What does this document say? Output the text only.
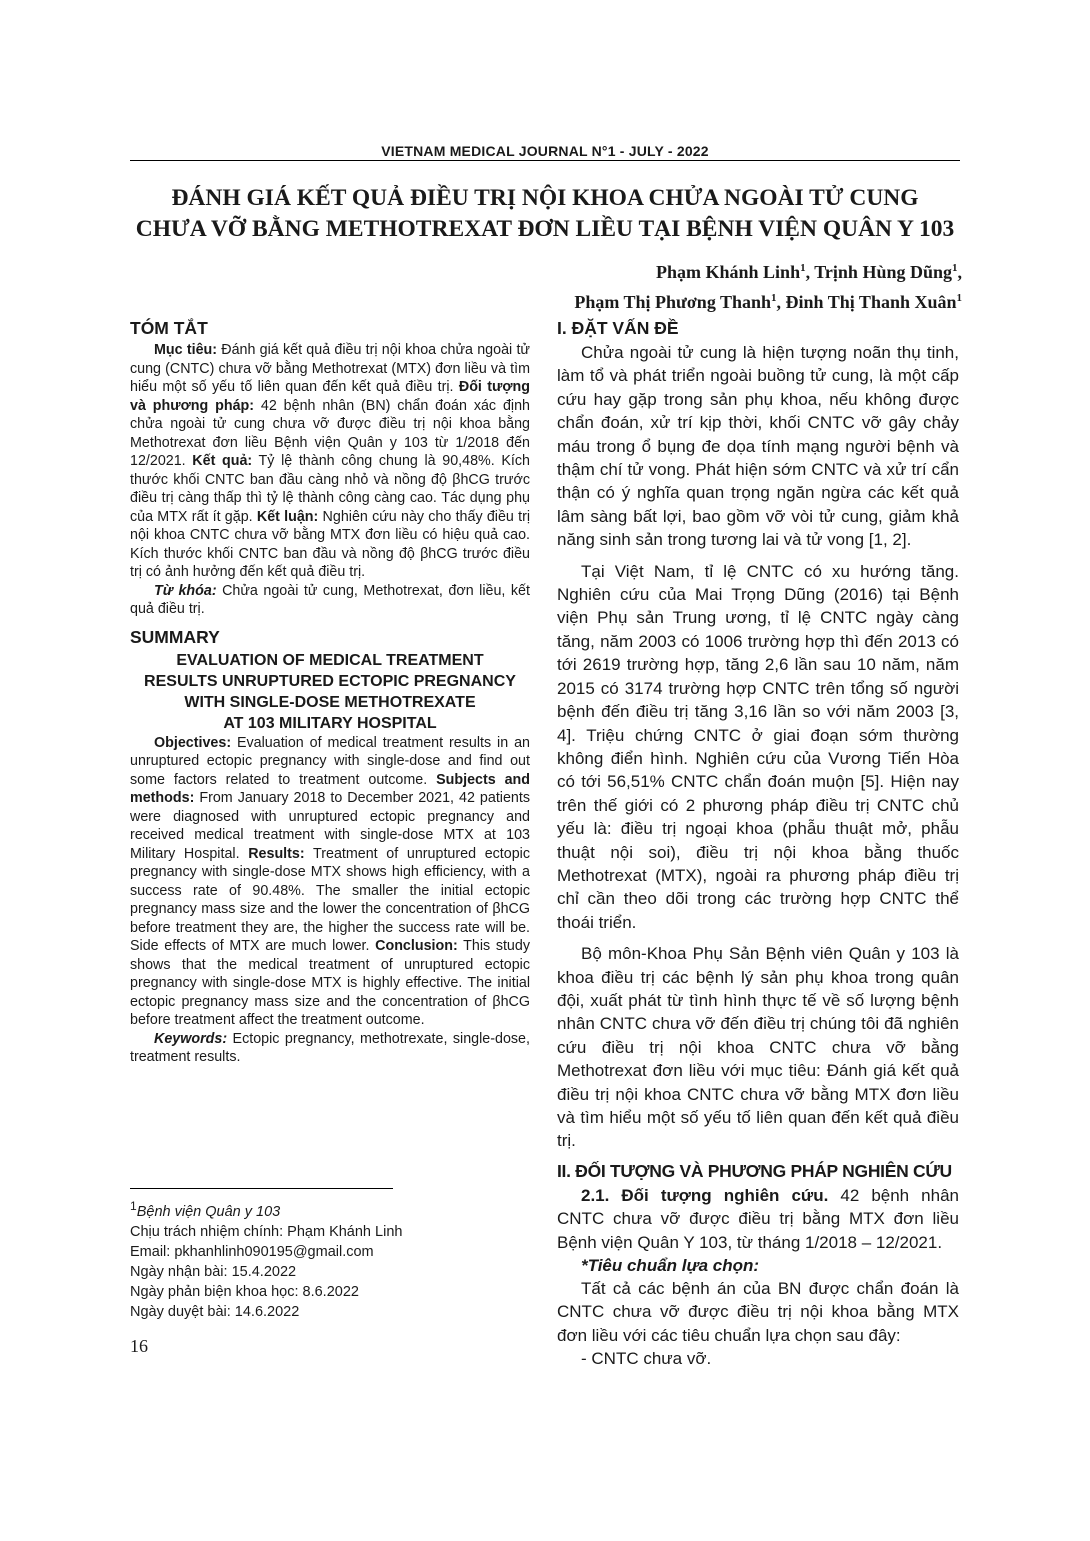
VIETNAM MEDICAL JOURNAL N°1 - JULY - 2022
ĐÁNH GIÁ KẾT QUẢ ĐIỀU TRỊ NỘI KHOA CHỬA NGOÀI TỬ CUNG
CHƯA VỠ BẰNG METHOTREXAT ĐƠN LIỀU TẠI BỆNH VIỆN QUÂN Y 103
Phạm Khánh Linh$^1$, Trịnh Hùng Dũng$^1$,
Phạm Thị Phương Thanh$^1$, Đinh Thị Thanh Xuân$^1$
TÓM TẮT

Mục tiêu: Đánh giá kết quả điều trị nội khoa chửa ngoài tử cung (CNTC) chưa vỡ bằng Methotrexat (MTX) đơn liều và tìm hiểu một số yếu tố liên quan đến kết quả điều trị. Đối tượng và phương pháp: 42 bệnh nhân (BN) chẩn đoán xác định chửa ngoài tử cung chưa vỡ được điều trị nội khoa bằng Methotrexat đơn liều Bệnh viện Quân y 103 từ 1/2018 đến 12/2021. Kết quả: Tỷ lệ thành công chung là 90,48%. Kích thước khối CNTC ban đầu càng nhỏ và nồng độ βhCG trước điều trị càng thấp thì tỷ lệ thành công càng cao. Tác dụng phụ của MTX rất ít gặp. Kết luận: Nghiên cứu này cho thấy điều trị nội khoa CNTC chưa vỡ bằng MTX đơn liều có hiệu quả cao. Kích thước khối CNTC ban đầu và nồng độ βhCG trước điều trị có ảnh hưởng đến kết quả điều trị.

Từ khóa: Chửa ngoài tử cung, Methotrexat, đơn liều, kết quả điều trị.

SUMMARY
EVALUATION OF MEDICAL TREATMENT
RESULTS UNRUPTURED ECTOPIC PREGNANCY
WITH SINGLE-DOSE METHOTREXATE
AT 103 MILITARY HOSPITAL

Objectives: Evaluation of medical treatment results in an unruptured ectopic pregnancy with single-dose and find out some factors related to treatment outcome. Subjects and methods: From January 2018 to December 2021, 42 patients were diagnosed with unruptured ectopic pregnancy and received medical treatment with single-dose MTX at 103 Military Hospital. Results: Treatment of unruptured ectopic pregnancy with single-dose MTX shows high efficiency, with a success rate of 90.48%. The smaller the initial ectopic pregnancy mass size and the lower the concentration of βhCG before treatment they are, the higher the success rate will be. Side effects of MTX are much lower. Conclusion: This study shows that the medical treatment of unruptured ectopic pregnancy with single-dose MTX is highly effective. The initial ectopic pregnancy mass size and the concentration of βhCG before treatment affect the treatment outcome.

Keywords: Ectopic pregnancy, methotrexate, single-dose, treatment results.

$^1$Bệnh viện Quân y 103
Chịu trách nhiệm chính: Phạm Khánh Linh
Email: pkhanhlinh090195@gmail.com
Ngày nhận bài: 15.4.2022
Ngày phản biện khoa học: 8.6.2022
Ngày duyệt bài: 14.6.2022
16
I. ĐẶT VẤN ĐỀ

Chửa ngoài tử cung là hiện tượng noãn thụ tinh, làm tổ và phát triển ngoài buồng tử cung, là một cấp cứu hay gặp trong sản phụ khoa, nếu không được chẩn đoán, xử trí kịp thời, khối CNTC vỡ gây chảy máu trong ổ bụng đe dọa tính mạng người bệnh và thậm chí tử vong. Phát hiện sớm CNTC và xử trí cẩn thận có ý nghĩa quan trọng ngăn ngừa các kết quả lâm sàng bất lợi, bao gồm vỡ vòi tử cung, giảm khả năng sinh sản trong tương lai và tử vong [1, 2].

Tại Việt Nam, tỉ lệ CNTC có xu hướng tăng. Nghiên cứu của Mai Trọng Dũng (2016) tại Bệnh viện Phụ sản Trung ương, tỉ lệ CNTC ngày càng tăng, năm 2003 có 1006 trường hợp thì đến 2013 có tới 2619 trường hợp, tăng 2,6 lần sau 10 năm, năm 2015 có 3174 trường hợp CNTC trên tổng số người bệnh đến điều trị tăng 3,16 lần so với năm 2003 [3, 4]. Triệu chứng CNTC ở giai đoạn sớm thường không điển hình. Nghiên cứu của Vương Tiến Hòa có tới 56,51% CNTC chẩn đoán muộn [5]. Hiện nay trên thế giới có 2 phương pháp điều trị CNTC chủ yếu là: điều trị ngoại khoa (phẫu thuật mở, phẫu thuật nội soi), điều trị nội khoa bằng thuốc Methotrexat (MTX), ngoài ra phương pháp điều trị chỉ cần theo dõi trong các trường hợp CNTC thể thoái triển.

Bộ môn-Khoa Phụ Sản Bệnh viên Quân y 103 là khoa điều trị các bệnh lý sản phụ khoa trong quân đội, xuất phát từ tình hình thực tế về số lượng bệnh nhân CNTC chưa vỡ đến điều trị chúng tôi đã nghiên cứu điều trị nội khoa CNTC chưa vỡ bằng Methotrexat đơn liều với mục tiêu: Đánh giá kết quả điều trị nội khoa CNTC chưa vỡ bằng MTX đơn liều và tìm hiểu một số yếu tố liên quan đến kết quả điều trị.

II. ĐỐI TƯỢNG VÀ PHƯƠNG PHÁP NGHIÊN CỨU

2.1. Đối tượng nghiên cứu. 42 bệnh nhân CNTC chưa vỡ được điều trị bằng MTX đơn liều Bệnh viện Quân Y 103, từ tháng 1/2018 – 12/2021.

*Tiêu chuẩn lựa chọn:

Tất cả các bệnh án của BN được chẩn đoán là CNTC chưa vỡ được điều trị nội khoa bằng MTX đơn liều với các tiêu chuẩn lựa chọn sau đây:

- CNTC chưa vỡ.
